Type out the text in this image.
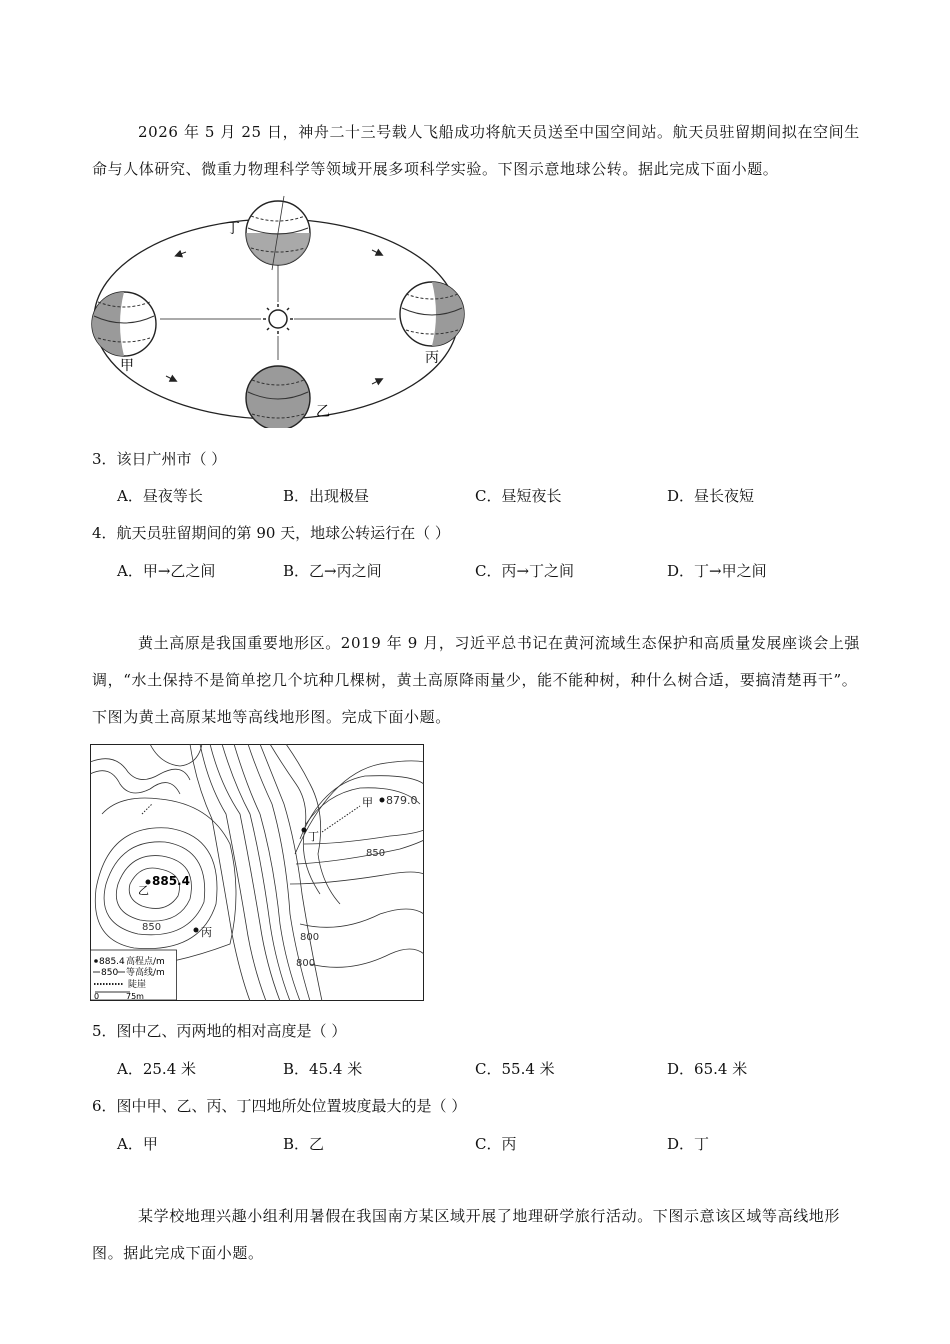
2026 年 5 月 25 日，神舟二十三号载人飞船成功将航天员送至中国空间站。航天员驻留期间拟在空间生命与人体研究、微重力物理科学等领域开展多项科学实验。下图示意地球公转。据此完成下面小题。
丁
甲	丙
乙
3．该日广州市（ ）
A．昼夜等长	B．出现极昼	C．昼短夜长	D．昼长夜短
4．航天员驻留期间的第 90 天，地球公转运行在（ ）
A．甲→乙之间	B．乙→丙之间	C．丙→丁之间	D．丁→甲之间
黄土高原是我国重要地形区。2019 年 9 月，习近平总书记在黄河流域生态保护和高质量发展座谈会上强调，“水土保持不是简单挖几个坑种几棵树，黄土高原降雨量少，能不能种树，种什么树合适，要搞清楚再干”。下图为黄土高原某地等高线地形图。完成下面小题。
甲 879.0
丁
乙
885.4
丙
850
850
800
800
885.4 高程点/m
850 等高线/m
陡崖
0	75m
5．图中乙、丙两地的相对高度是（ ）
A．25.4 米	B．45.4 米	C．55.4 米	D．65.4 米
6．图中甲、乙、丙、丁四地所处位置坡度最大的是（ ）
A．甲	B．乙	C．丙	D．丁
某学校地理兴趣小组利用暑假在我国南方某区域开展了地理研学旅行活动。下图示意该区域等高线地形图。据此完成下面小题。
